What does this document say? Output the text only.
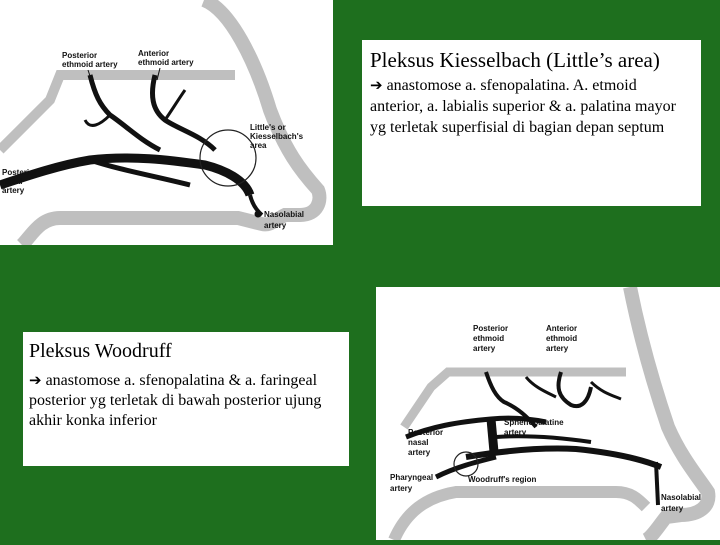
Posterior ethmoid artery
Anterior ethmoid artery
Little's or Kiesselbach's area
Posterior nasal artery
Nasolabial artery
Pleksus Kiesselbach (Little’s area)
➔ anastomose a. sfenopalatina. A. etmoid anterior, a. labialis superior & a. palatina mayor yg terletak superfisial di bagian depan septum
Pleksus Woodruff
➔ anastomose a. sfenopalatina & a. faringeal posterior yg terletak di bawah posterior ujung akhir konka inferior
Posterior ethmoid artery
Anterior ethmoid artery
Sphenopalatine artery
Posterior nasal artery
Pharyngeal artery
Woodruff's region
Nasolabial artery
